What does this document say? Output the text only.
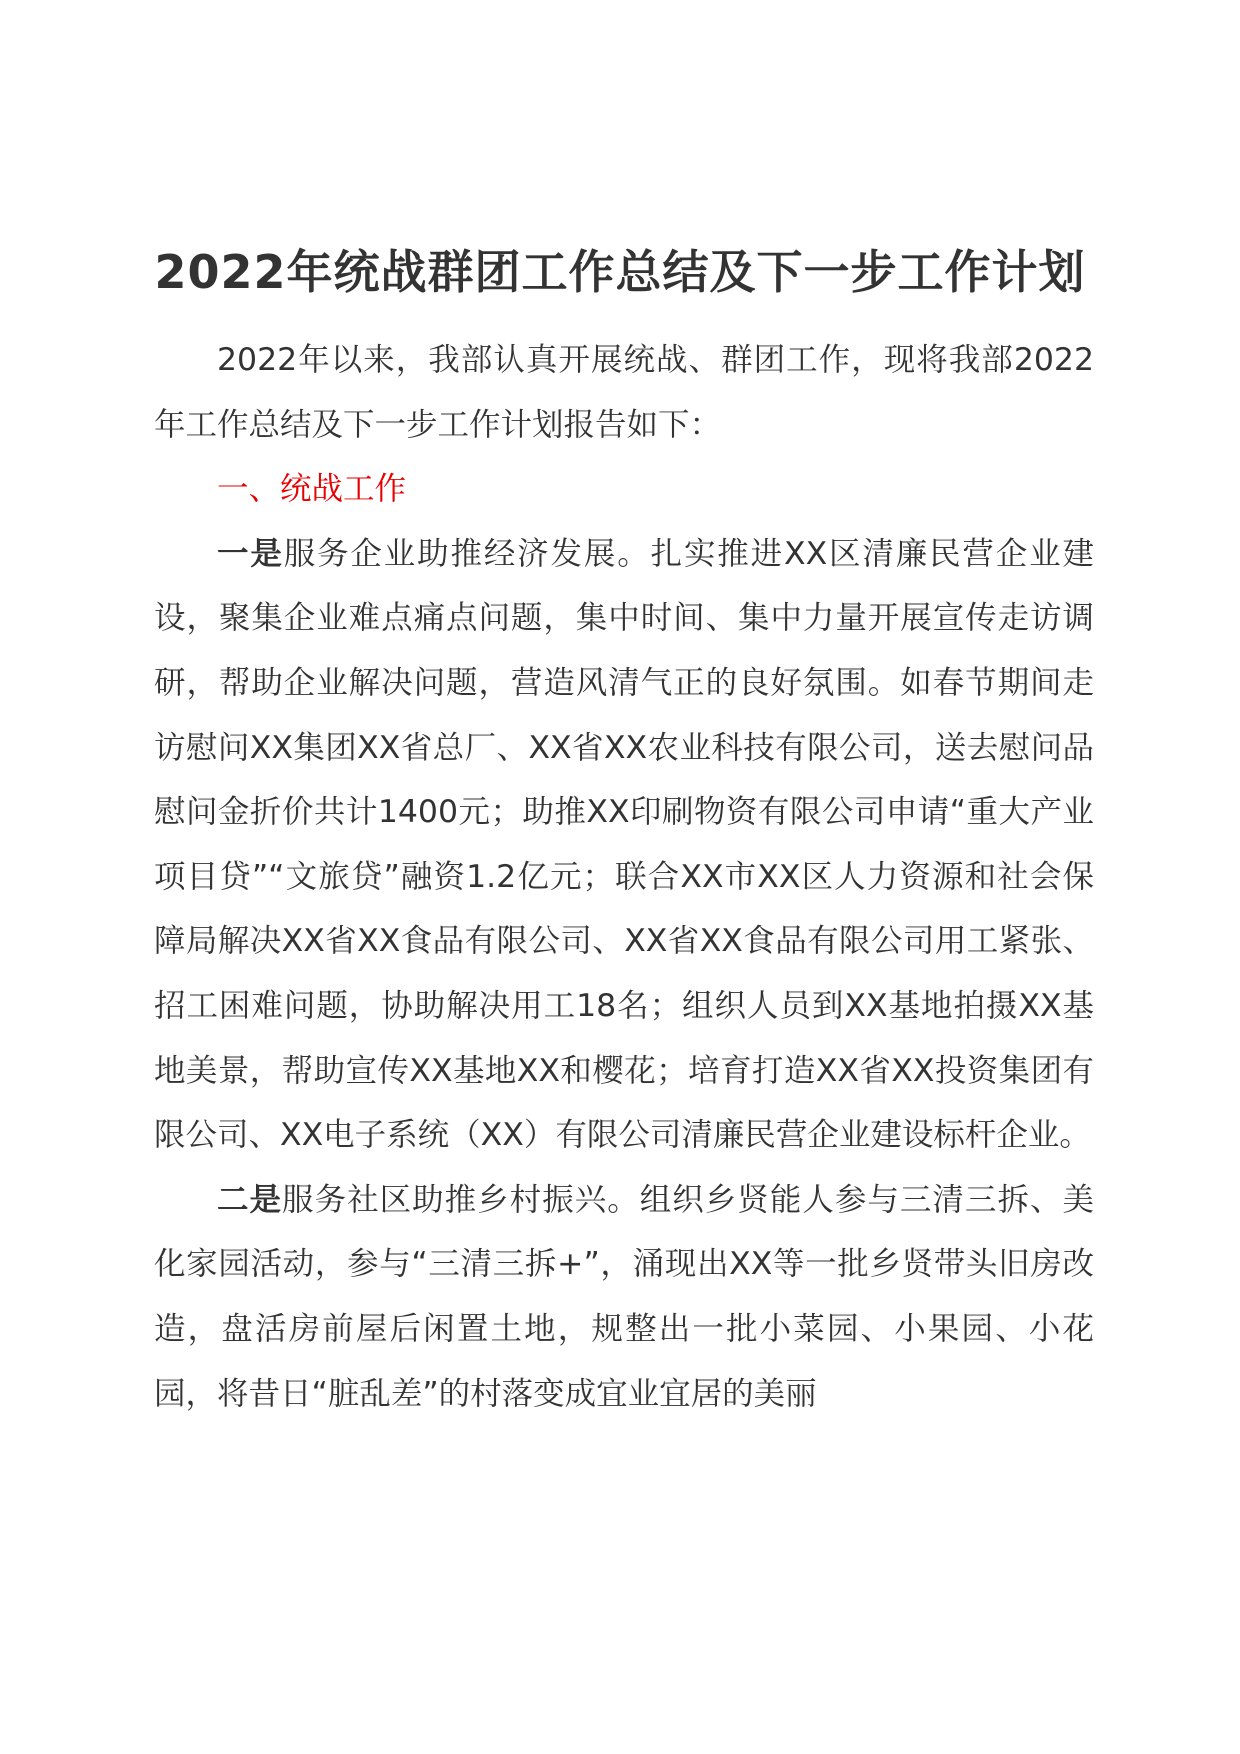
2022年统战群团工作总结及下一步工作计划

2022年以来，我部认真开展统战、群团工作，现将我部2022年工作总结及下一步工作计划报告如下：

一、统战工作

一是服务企业助推经济发展。扎实推进XX区清廉民营企业建设，聚集企业难点痛点问题，集中时间、集中力量开展宣传走访调研，帮助企业解决问题，营造风清气正的良好氛围。如春节期间走访慰问XX集团XX省总厂、XX省XX农业科技有限公司，送去慰问品慰问金折价共计1400元；助推XX印刷物资有限公司申请“重大产业项目贷”“文旅贷”融资1.2亿元；联合XX市XX区人力资源和社会保障局解决XX省XX食品有限公司、XX省XX食品有限公司用工紧张、招工困难问题，协助解决用工18名；组织人员到XX基地拍摄XX基地美景，帮助宣传XX基地XX和樱花；培育打造XX省XX投资集团有限公司、XX电子系统（XX）有限公司清廉民营企业建设标杆企业。

二是服务社区助推乡村振兴。组织乡贤能人参与三清三拆、美化家园活动，参与“三清三拆+”，涌现出XX等一批乡贤带头旧房改造，盘活房前屋后闲置土地，规整出一批小菜园、小果园、小花园，将昔日“脏乱差”的村落变成宜业宜居的美丽
